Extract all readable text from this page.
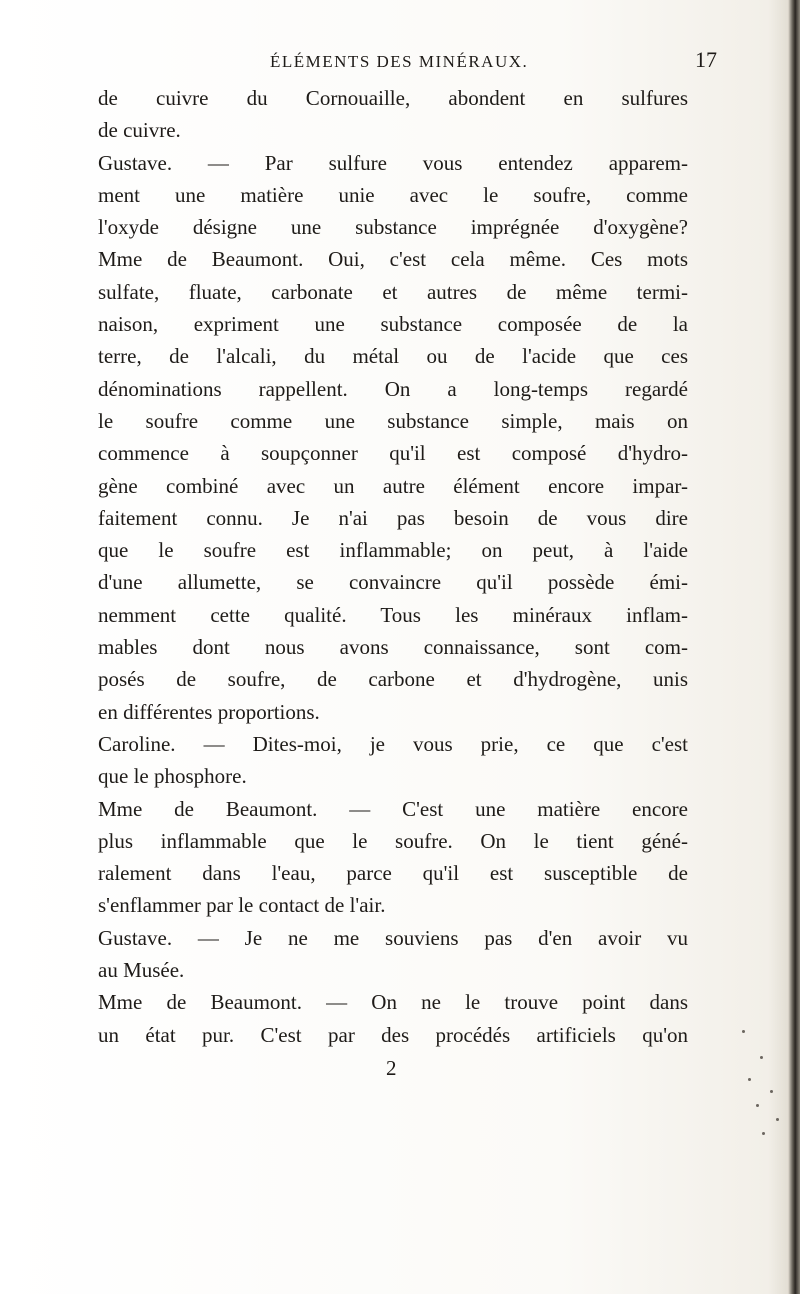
ÉLÉMENTS DES MINÉRAUX.	17
de cuivre du Cornouaille, abondent en sulfures
de cuivre.
Gustave. — Par sulfure vous entendez apparem-
ment une matière unie avec le soufre, comme
l'oxyde désigne une substance imprégnée d'oxygène?
Mme de Beaumont. Oui, c'est cela même. Ces mots
sulfate, fluate, carbonate et autres de même termi-
naison, expriment une substance composée de la
terre, de l'alcali, du métal ou de l'acide que ces
dénominations rappellent. On a long-temps regardé
le soufre comme une substance simple, mais on
commence à soupçonner qu'il est composé d'hydro-
gène combiné avec un autre élément encore impar-
faitement connu. Je n'ai pas besoin de vous dire
que le soufre est inflammable; on peut, à l'aide
d'une allumette, se convaincre qu'il possède émi-
nemment cette qualité. Tous les minéraux inflam-
mables dont nous avons connaissance, sont com-
posés de soufre, de carbone et d'hydrogène, unis
en différentes proportions.
Caroline. — Dites-moi, je vous prie, ce que c'est
que le phosphore.
Mme de Beaumont. — C'est une matière encore
plus inflammable que le soufre. On le tient géné-
ralement dans l'eau, parce qu'il est susceptible de
s'enflammer par le contact de l'air.
Gustave. — Je ne me souviens pas d'en avoir vu
au Musée.
Mme de Beaumont. — On ne le trouve point dans
un état pur. C'est par des procédés artificiels qu'on
2
